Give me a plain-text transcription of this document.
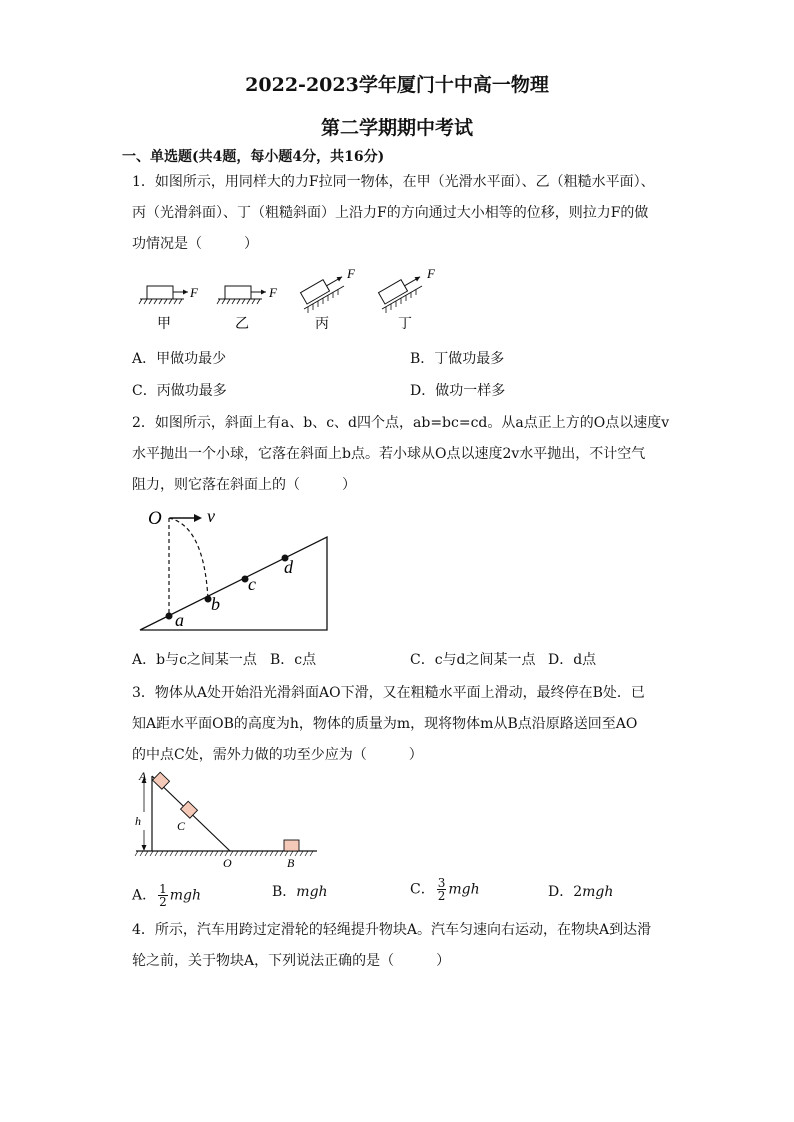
2022-2023学年厦门十中高一物理
第二学期期中考试
一、单选题(共4题，每小题4分，共16分)
1．如图所示，用同样大的力F拉同一物体，在甲（光滑水平面）、乙（粗糙水平面）、
丙（光滑斜面）、丁（粗糙斜面）上沿力F的方向通过大小相等的位移，则拉力F的做
功情况是（　　　）
F	F
F	F
甲	乙	丙	丁
A．甲做功最少	B．丁做功最多
C．丙做功最多	D．做功一样多
2．如图所示，斜面上有a、b、c、d四个点，ab=bc=cd。从a点正上方的O点以速度v
水平抛出一个小球，它落在斜面上b点。若小球从O点以速度2v水平抛出，不计空气
阻力，则它落在斜面上的（　　　）
O	v
a
b
c
d
A．b与c之间某一点 B．c点	C．c与d之间某一点 D．d点
3．物体从A处开始沿光滑斜面AO下滑，又在粗糙水平面上滑动，最终停在B处．已
知A距水平面OB的高度为h，物体的质量为m，现将物体m从B点沿原路送回至AO
的中点C处，需外力做的功至少应为（　　　）
A
h	C
O	B
A． $\frac{1}{2}$ mgh	B．mgh	C． $\frac{3}{2}$ mgh	D．2mgh
4．所示，汽车用跨过定滑轮的轻绳提升物块A。汽车匀速向右运动，在物块A到达滑
轮之前，关于物块A，下列说法正确的是（　　　）
